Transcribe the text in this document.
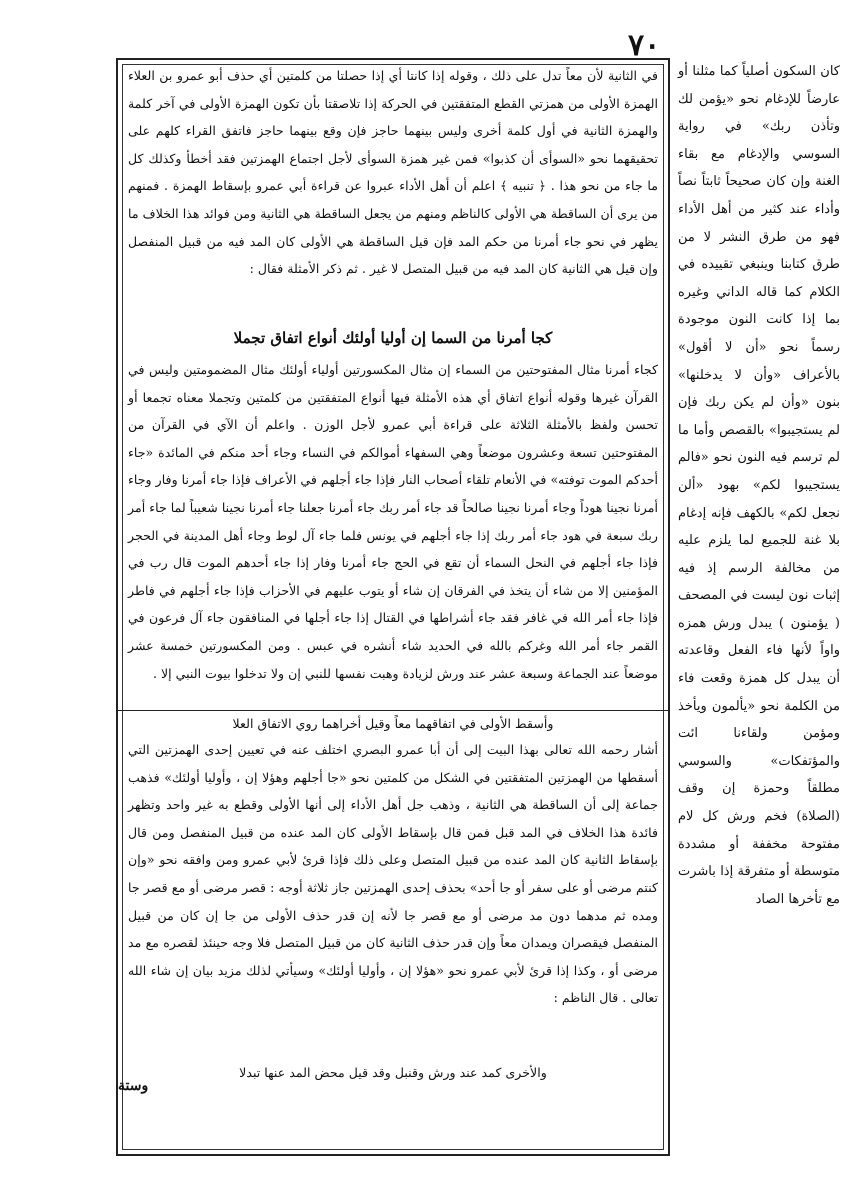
٧٠

في الثانية لأن معاً تدل على ذلك ، وقوله إذا كانتا أي إذا حصلتا من كلمتين أي حذف أبو عمرو بن العلاء الهمزة الأولى من همزتي القطع المتفقتين في الحركة إذا تلاصقتا بأن تكون الهمزة الأولى في آخر كلمة والهمزة الثانية في أول كلمة أخرى وليس بينهما حاجز فإن وقع بينهما حاجز فاتفق القراء كلهم على تحقيقهما نحو «السوأى أن كذبوا» فمن غير همزة السوأى لأجل اجتماع الهمزتين فقد أخطأ وكذلك كل ما جاء من نحو هذا . ﴿ تنبيه ﴾ اعلم أن أهل الأداء عبروا عن قراءة أبي عمرو بإسقاط الهمزة . فمنهم من يرى أن الساقطة هي الأولى كالناظم ومنهم من يجعل الساقطة هي الثانية ومن فوائد هذا الخلاف ما يظهر في نحو جاء أمرنا من حكم المد فإن قيل الساقطة هي الأولى كان المد فيه من قبيل المنفصل وإن قيل هي الثانية كان المد فيه من قبيل المتصل لا غير . ثم ذكر الأمثلة فقال :

كجا أمرنا من السما إن أوليا أولئك أنواع اتفاق تجملا

كجاء أمرنا مثال المفتوحتين من السماء إن مثال المكسورتين أولياء أولئك مثال المضمومتين وليس في القرآن غيرها وقوله أنواع اتفاق أي هذه الأمثلة فيها أنواع المتفقتين من كلمتين وتجملا معناه تجمعا أو تحسن ولفظ بالأمثلة الثلاثة على قراءة أبي عمرو لأجل الوزن . واعلم أن الآي في القرآن من المفتوحتين تسعة وعشرون موضعاً وهي السفهاء أموالكم في النساء وجاء أحد منكم في المائدة «جاء أحدكم الموت توفته» في الأنعام تلقاء أصحاب النار فإذا جاء أجلهم في الأعراف فإذا جاء أمرنا وفار وجاء أمرنا نجينا هوداً وجاء أمرنا نجينا صالحاً قد جاء أمر ربك جاء أمرنا جعلنا جاء أمرنا نجينا شعيباً لما جاء أمر ربك سبعة في هود جاء أمر ربك إذا جاء أجلهم في يونس فلما جاء آل لوط وجاء أهل المدينة في الحجر فإذا جاء أجلهم في النحل السماء أن تقع في الحج جاء أمرنا وفار إذا جاء أحدهم الموت قال رب في المؤمنين إلا من شاء أن يتخذ في الفرقان إن شاء أو يتوب عليهم في الأحزاب فإذا جاء أجلهم في فاطر فإذا جاء أمر الله في غافر فقد جاء أشراطها في القتال إذا جاء أجلها في المنافقون جاء آل فرعون في القمر جاء أمر الله وغركم بالله في الحديد شاء أنشره في عبس . ومن المكسورتين خمسة عشر موضعاً عند الجماعة وسبعة عشر عند ورش لزيادة وهبت نفسها للنبي إن ولا تدخلوا بيوت النبي إلا .

وأسقط الأولى في اتفاقهما معاً وقيل أخراهما روي الاتفاق العلا

أشار رحمه الله تعالى بهذا البيت إلى أن أبا عمرو البصري اختلف عنه في تعيين إحدى الهمزتين التي أسقطها من الهمزتين المتفقتين في الشكل من كلمتين نحو «جا أجلهم وهؤلا إن ، وأوليا أولئك» فذهب جماعة إلى أن الساقطة هي الثانية ، وذهب جل أهل الأداء إلى أنها الأولى وقطع به غير واحد وتظهر فائدة هذا الخلاف في المد قبل فمن قال بإسقاط الأولى كان المد عنده من قبيل المنفصل ومن قال بإسقاط الثانية كان المد عنده من قبيل المتصل وعلى ذلك فإذا قرئ لأبي عمرو ومن وافقه نحو «وإن كنتم مرضى أو على سفر أو جا أحد» بحذف إحدى الهمزتين جاز ثلاثة أوجه : قصر مرضى أو مع قصر جا ومده ثم مدهما دون مد مرضى أو مع قصر جا لأنه إن قدر حذف الأولى من جا إن كان من قبيل المنفصل فيقصران ويمدان معاً وإن قدر حذف الثانية كان من قبيل المتصل فلا وجه حينئذ لقصره مع مد مرضى أو ، وكذا إذا قرئ لأبي عمرو نحو «هؤلا إن ، وأوليا أولئك» وسيأتي لذلك مزيد بيان إن شاء الله تعالى . قال الناظم :

والأخرى كمد عند ورش وقنبل وقد قيل محض المد عنها تبدلا

كان السكون أصلياً كما مثلنا أو عارضاً للإدغام نحو «يؤمن لك وتأذن ربك» في رواية السوسي والإدغام مع بقاء الغنة وإن كان صحيحاً ثابتاً نصاً وأداء عند كثير من أهل الأداء فهو من طرق النشر لا من طرق كتابنا وينبغي تقييده في الكلام كما قاله الداني وغيره بما إذا كانت النون موجودة رسماً نحو «أن لا أقول» بالأعراف «وأن لا يدخلنها» بنون «وأن لم يكن ربك فإن لم يستجيبوا» بالقصص وأما ما لم ترسم فيه النون نحو «فالم يستجيبوا لكم» بهود «ألن نجعل لكم» بالكهف فإنه إدغام بلا غنة للجميع لما يلزم عليه من مخالفة الرسم إذ فيه إثبات نون ليست في المصحف ( يؤمنون ) يبدل ورش همزه واواً لأنها فاء الفعل وقاعدته أن يبدل كل همزة وقعت فاء من الكلمة نحو «يألمون ويأخذ ومؤمن ولقاءنا ائت والمؤتفكات» والسوسي مطلقاً وحمزة إن وقف (الصلاة) فخم ورش كل لام مفتوحة مخففة أو مشددة متوسطة أو متفرقة إذا باشرت مع تأخرها الصاد

وستة
